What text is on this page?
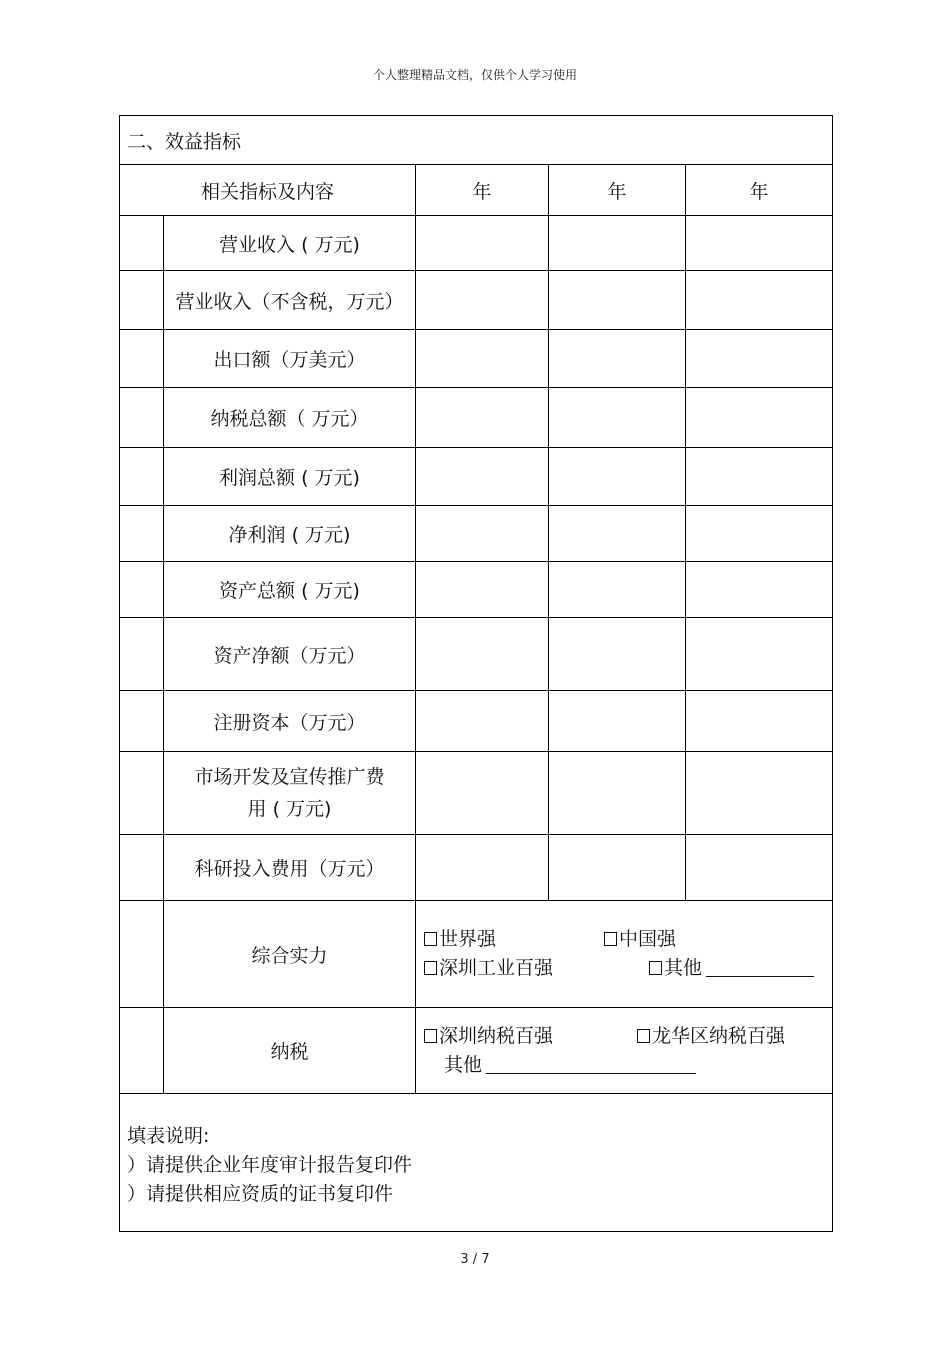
个人整理精品文档，仅供个人学习使用
二、效益指标				
相关指标及内容		年	年	年
	营业收入 ( 万元)			
	营业收入（不含税，万元）			
	出口额（万美元）			
	纳税总额（ 万元）			
	利润总额 ( 万元)			
	净利润 ( 万元)			
	资产总额 ( 万元)			
	资产净额（万元）			
	注册资本（万元）			
	市场开发及宣传推广费用 ( 万元)			
	科研投入费用（万元）			
	综合实力	世界强 中国强
深圳工业百强 其他		

	纳税	深圳纳税百强 龙华区纳税百强
其他		

填表说明:
）请提供企业年度审计报告复印件
）请提供相应资质的证书复印件				
3 / 7
